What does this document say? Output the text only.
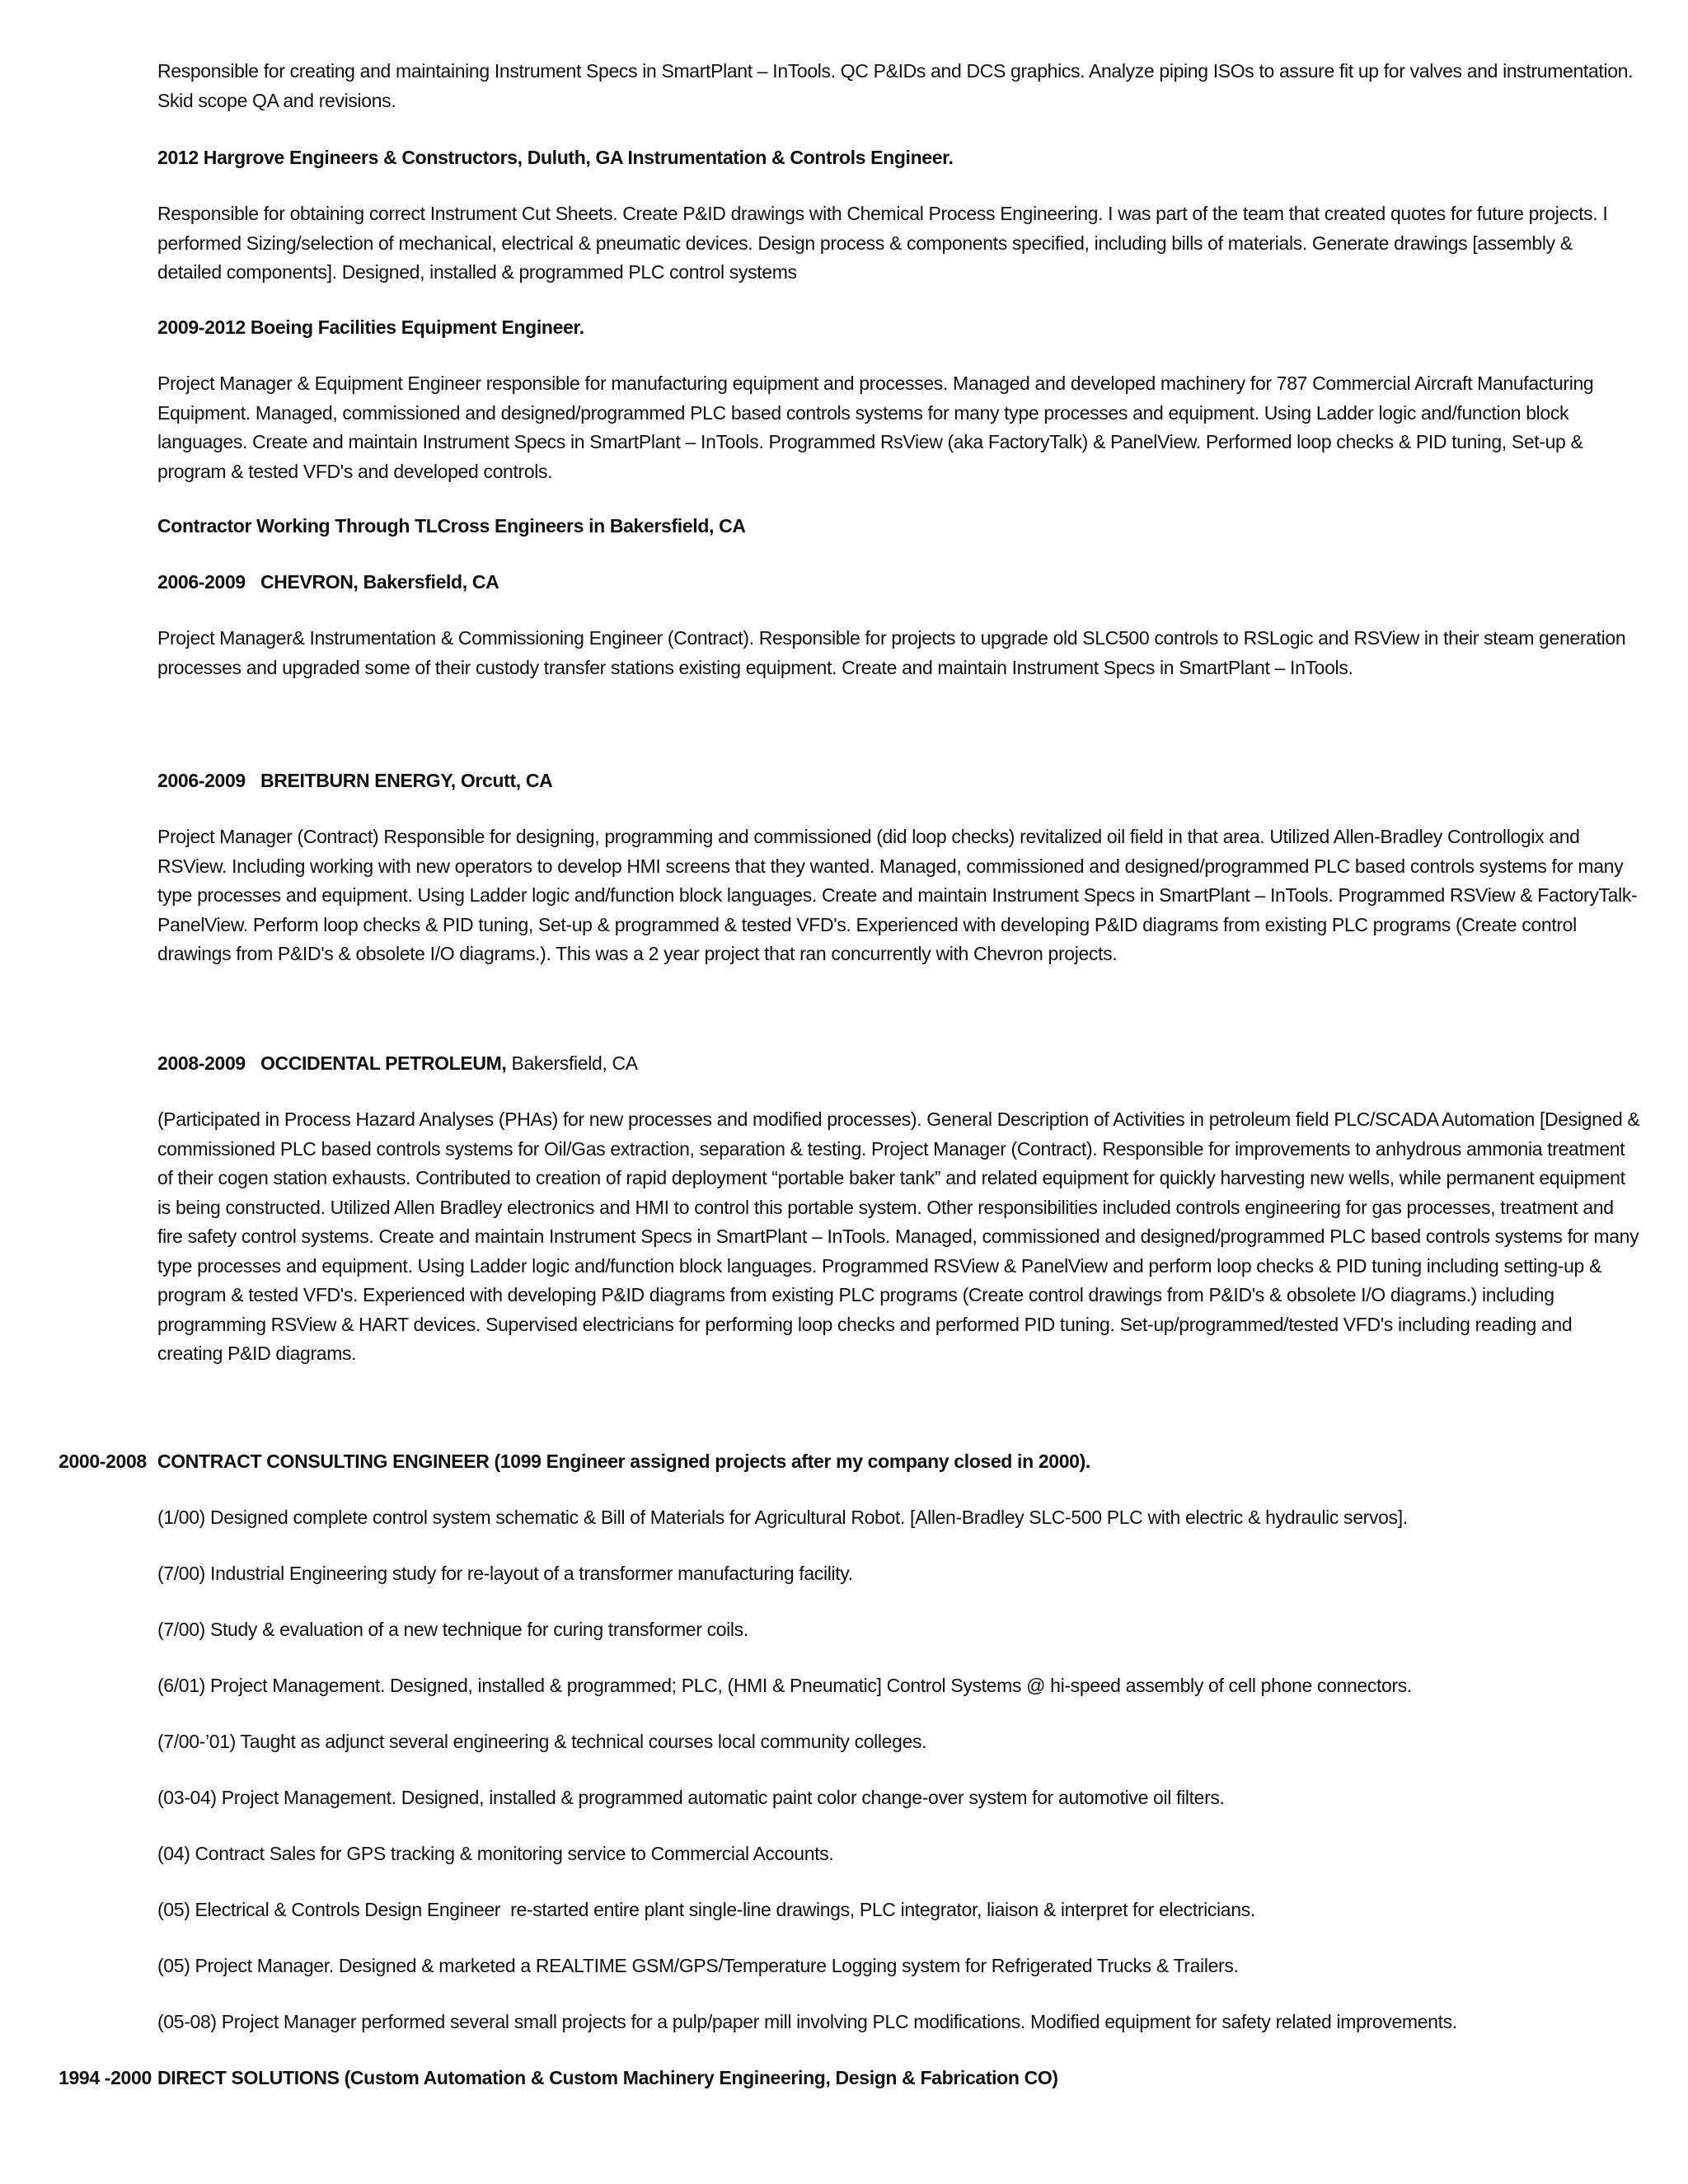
Responsible for creating and maintaining Instrument Specs in SmartPlant – InTools. QC P&IDs and DCS graphics. Analyze piping ISOs to assure fit up for valves and instrumentation. Skid scope QA and revisions.

2012 Hargrove Engineers & Constructors, Duluth, GA Instrumentation & Controls Engineer.

Responsible for obtaining correct Instrument Cut Sheets. Create P&ID drawings with Chemical Process Engineering. I was part of the team that created quotes for future projects. I performed Sizing/selection of mechanical, electrical & pneumatic devices. Design process & components specified, including bills of materials. Generate drawings [assembly & detailed components]. Designed, installed & programmed PLC control systems

2009-2012 Boeing Facilities Equipment Engineer.

Project Manager & Equipment Engineer responsible for manufacturing equipment and processes. Managed and developed machinery for 787 Commercial Aircraft Manufacturing Equipment. Managed, commissioned and designed/programmed PLC based controls systems for many type processes and equipment. Using Ladder logic and/function block languages. Create and maintain Instrument Specs in SmartPlant – InTools. Programmed RsView (aka FactoryTalk) & PanelView. Performed loop checks & PID tuning, Set-up & program & tested VFD's and developed controls.

Contractor Working Through TLCross Engineers in Bakersfield, CA

2006-2009   CHEVRON, Bakersfield, CA

Project Manager& Instrumentation & Commissioning Engineer (Contract). Responsible for projects to upgrade old SLC500 controls to RSLogic and RSView in their steam generation processes and upgraded some of their custody transfer stations existing equipment. Create and maintain Instrument Specs in SmartPlant – InTools.

2006-2009   BREITBURN ENERGY, Orcutt, CA

Project Manager (Contract) Responsible for designing, programming and commissioned (did loop checks) revitalized oil field in that area. Utilized Allen-Bradley Controllogix and RSView. Including working with new operators to develop HMI screens that they wanted. Managed, commissioned and designed/programmed PLC based controls systems for many type processes and equipment. Using Ladder logic and/function block languages. Create and maintain Instrument Specs in SmartPlant – InTools. Programmed RSView & FactoryTalk-PanelView. Perform loop checks & PID tuning, Set-up & programmed & tested VFD's. Experienced with developing P&ID diagrams from existing PLC programs (Create control drawings from P&ID's & obsolete I/O diagrams.). This was a 2 year project that ran concurrently with Chevron projects.

2008-2009   OCCIDENTAL PETROLEUM, Bakersfield, CA

(Participated in Process Hazard Analyses (PHAs) for new processes and modified processes). General Description of Activities in petroleum field PLC/SCADA Automation [Designed & commissioned PLC based controls systems for Oil/Gas extraction, separation & testing. Project Manager (Contract). Responsible for improvements to anhydrous ammonia treatment of their cogen station exhausts. Contributed to creation of rapid deployment “portable baker tank” and related equipment for quickly harvesting new wells, while permanent equipment is being constructed. Utilized Allen Bradley electronics and HMI to control this portable system. Other responsibilities included controls engineering for gas processes, treatment and fire safety control systems. Create and maintain Instrument Specs in SmartPlant – InTools. Managed, commissioned and designed/programmed PLC based controls systems for many type processes and equipment. Using Ladder logic and/function block languages. Programmed RSView & PanelView and perform loop checks & PID tuning including setting-up & program & tested VFD's. Experienced with developing P&ID diagrams from existing PLC programs (Create control drawings from P&ID's & obsolete I/O diagrams.) including programming RSView & HART devices. Supervised electricians for performing loop checks and performed PID tuning. Set-up/programmed/tested VFD's including reading and creating P&ID diagrams.

2000-2008 CONTRACT CONSULTING ENGINEER (1099 Engineer assigned projects after my company closed in 2000).

(1/00) Designed complete control system schematic & Bill of Materials for Agricultural Robot. [Allen-Bradley SLC-500 PLC with electric & hydraulic servos].

(7/00) Industrial Engineering study for re-layout of a transformer manufacturing facility.

(7/00) Study & evaluation of a new technique for curing transformer coils.

(6/01) Project Management. Designed, installed & programmed; PLC, (HMI & Pneumatic] Control Systems @ hi-speed assembly of cell phone connectors.

(7/00-’01) Taught as adjunct several engineering & technical courses local community colleges.

(03-04) Project Management. Designed, installed & programmed automatic paint color change-over system for automotive oil filters.

(04) Contract Sales for GPS tracking & monitoring service to Commercial Accounts.

(05) Electrical & Controls Design Engineer  re-started entire plant single-line drawings, PLC integrator, liaison & interpret for electricians.

(05) Project Manager. Designed & marketed a REALTIME GSM/GPS/Temperature Logging system for Refrigerated Trucks & Trailers.

(05-08) Project Manager performed several small projects for a pulp/paper mill involving PLC modifications. Modified equipment for safety related improvements.

1994 -2000 DIRECT SOLUTIONS (Custom Automation & Custom Machinery Engineering, Design & Fabrication CO)
